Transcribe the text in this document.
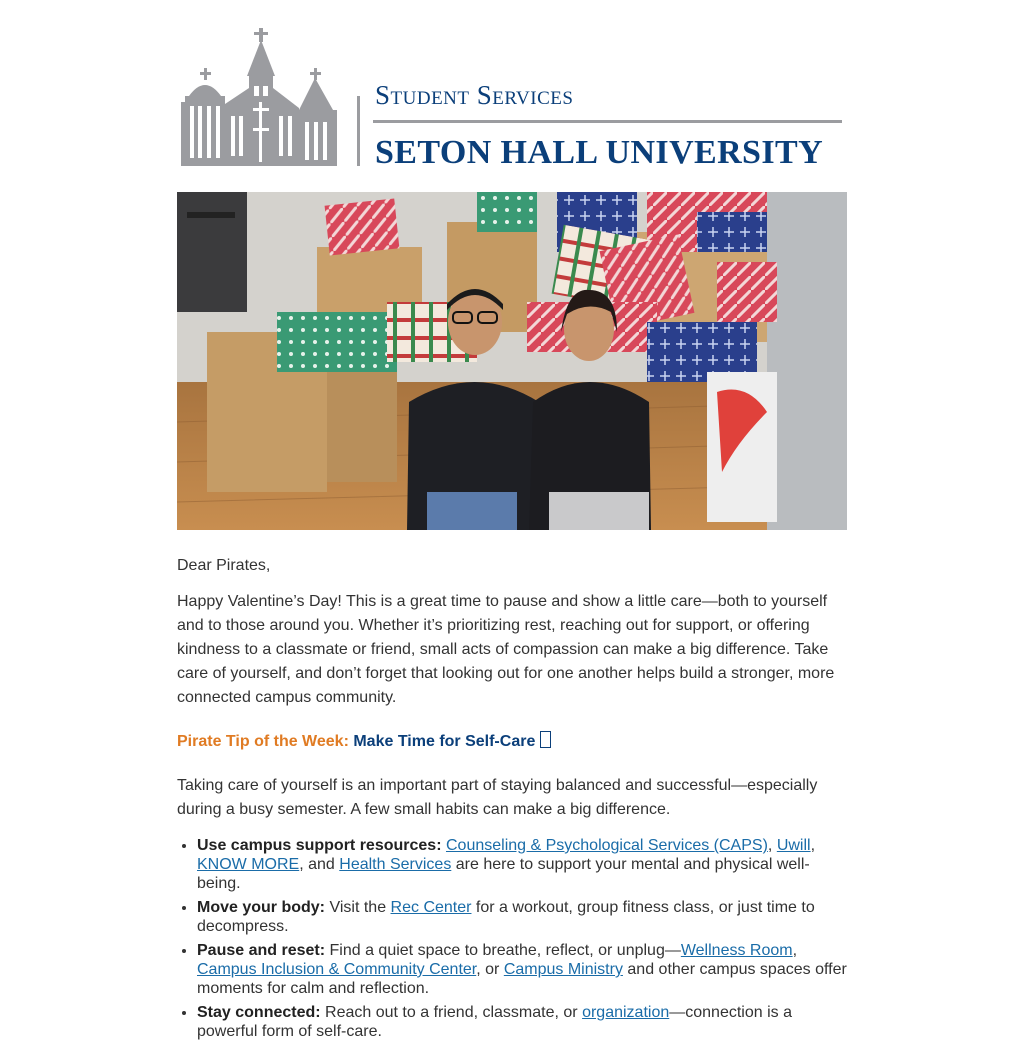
Student Services
SETON HALL UNIVERSITY

Dear Pirates,

Happy Valentine’s Day! This is a great time to pause and show a little care—both to yourself and to those around you. Whether it’s prioritizing rest, reaching out for support, or offering kindness to a classmate or friend, small acts of compassion can make a big difference. Take care of yourself, and don’t forget that looking out for one another helps build a stronger, more connected campus community.

Pirate Tip of the Week: Make Time for Self-Care

Taking care of yourself is an important part of staying balanced and successful—especially during a busy semester. A few small habits can make a big difference.

• Use campus support resources: Counseling & Psychological Services (CAPS), Uwill, KNOW MORE, and Health Services are here to support your mental and physical well-being.
• Move your body: Visit the Rec Center for a workout, group fitness class, or just time to decompress.
• Pause and reset: Find a quiet space to breathe, reflect, or unplug—Wellness Room, Campus Inclusion & Community Center, or Campus Ministry and other campus spaces offer moments for calm and reflection.
• Stay connected: Reach out to a friend, classmate, or organization—connection is a powerful form of self-care.
